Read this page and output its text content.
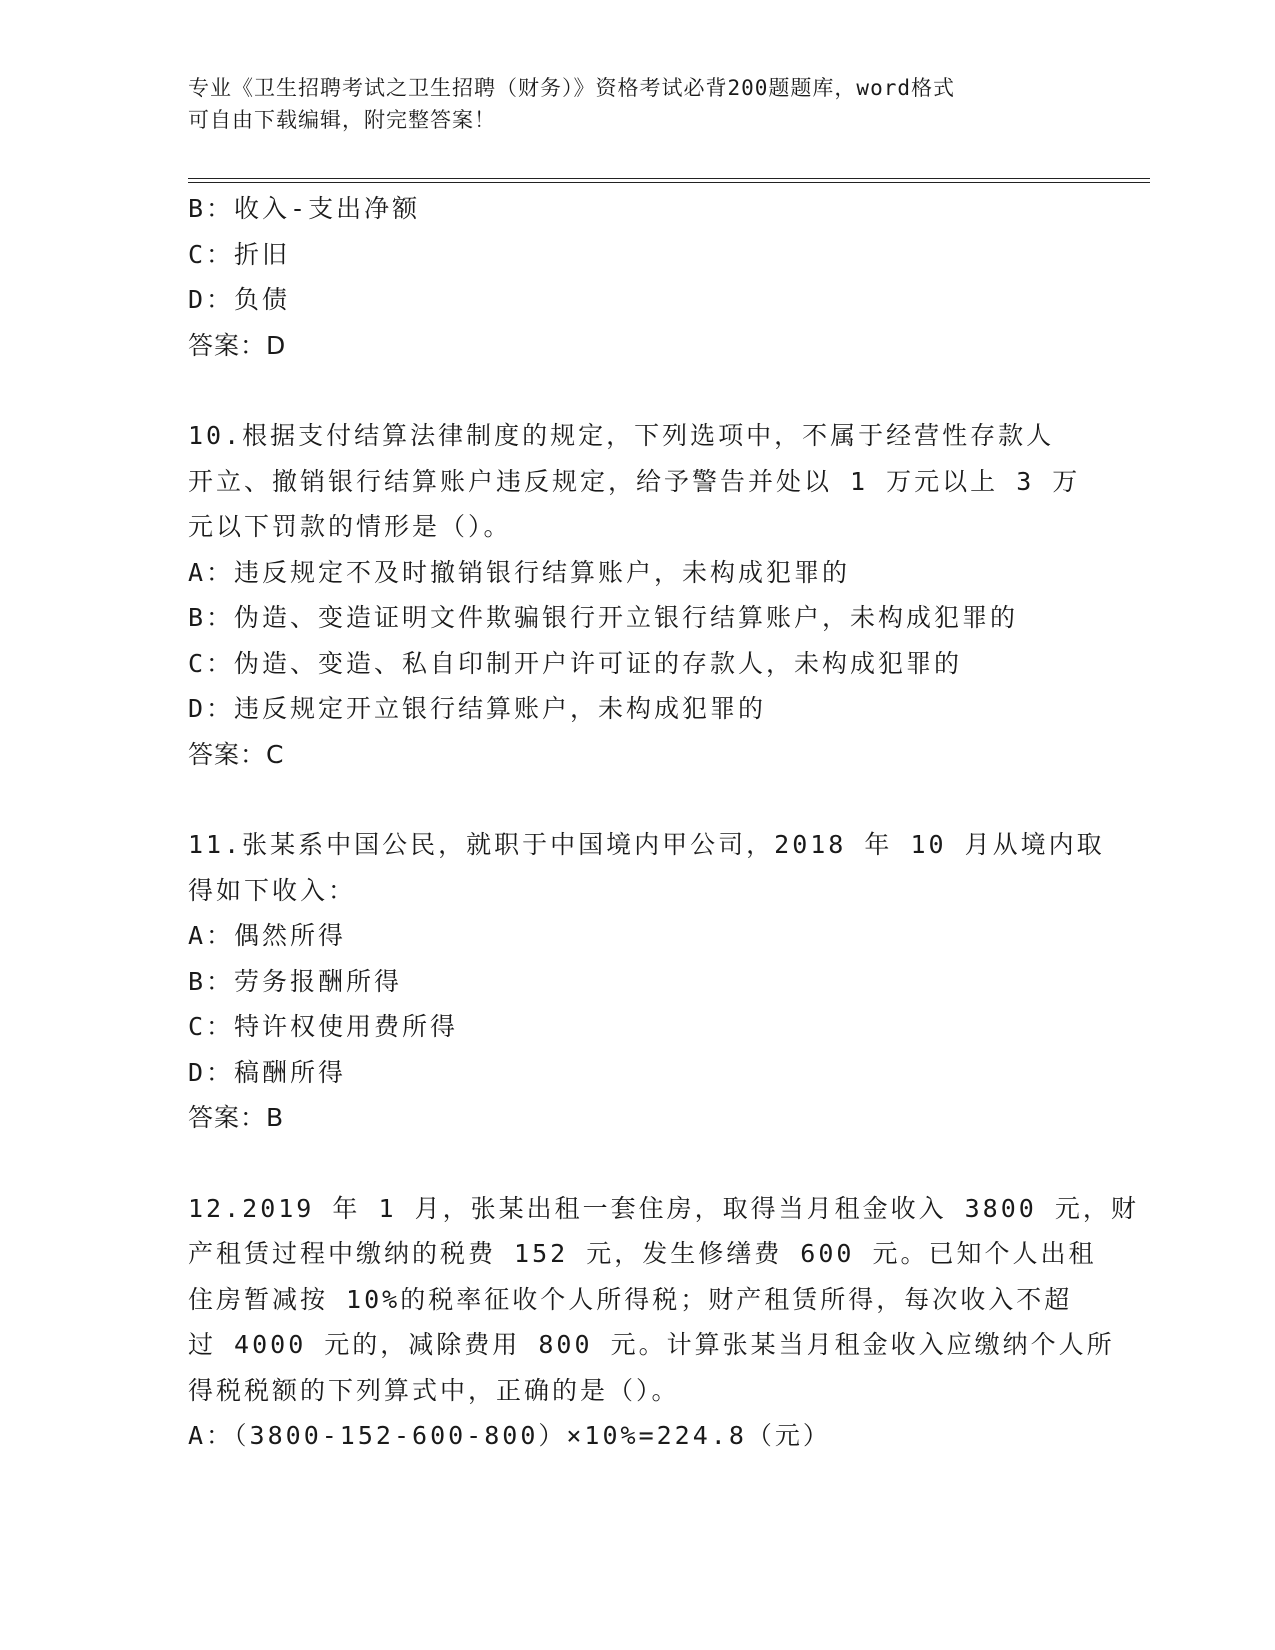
专业《卫生招聘考试之卫生招聘（财务）》资格考试必背200题题库，word格式
可自由下载编辑，附完整答案！
B：收入-支出净额
C：折旧
D：负债
答案：D
10.根据支付结算法律制度的规定，下列选项中，不属于经营性存款人
开立、撤销银行结算账户违反规定，给予警告并处以 1 万元以上 3 万
元以下罚款的情形是（）。
A：违反规定不及时撤销银行结算账户，未构成犯罪的
B：伪造、变造证明文件欺骗银行开立银行结算账户，未构成犯罪的
C：伪造、变造、私自印制开户许可证的存款人，未构成犯罪的
D：违反规定开立银行结算账户，未构成犯罪的
答案：C
11.张某系中国公民，就职于中国境内甲公司，2018 年 10 月从境内取
得如下收入：
A：偶然所得
B：劳务报酬所得
C：特许权使用费所得
D：稿酬所得
答案：B
12.2019 年 1 月，张某出租一套住房，取得当月租金收入 3800 元，财
产租赁过程中缴纳的税费 152 元，发生修缮费 600 元。已知个人出租
住房暂减按 10%的税率征收个人所得税；财产租赁所得，每次收入不超
过 4000 元的，减除费用 800 元。计算张某当月租金收入应缴纳个人所
得税税额的下列算式中，正确的是（）。
A：（3800-152-600-800）×10%=224.8（元）
